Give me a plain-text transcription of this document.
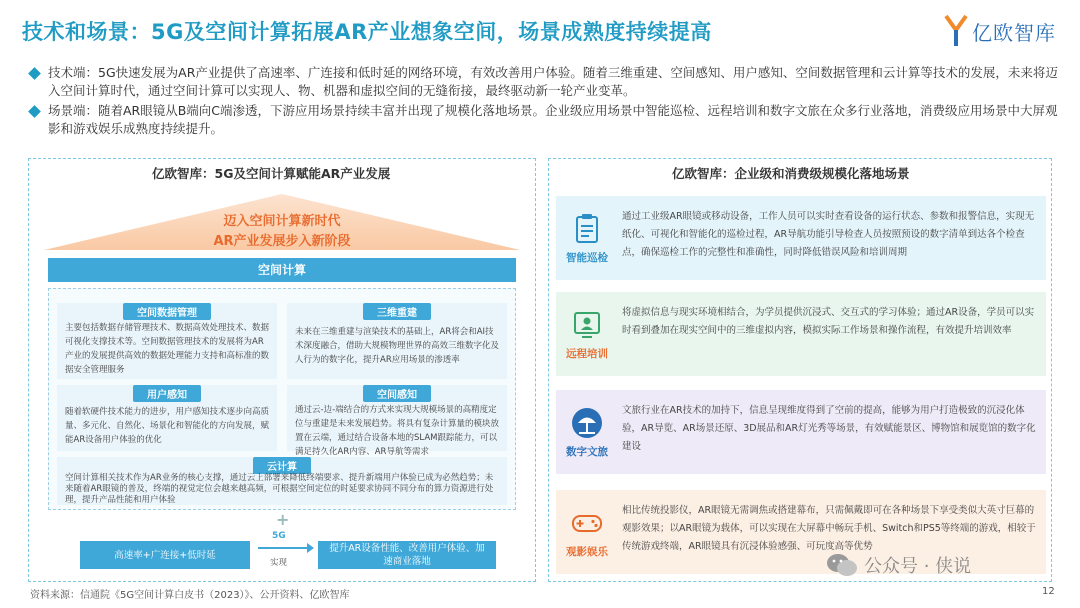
技术和场景：5G及空间计算拓展AR产业想象空间，场景成熟度持续提高	亿欧智库
技术端：5G快速发展为AR产业提供了高速率、广连接和低时延的网络环境，有效改善用户体验。随着三维重建、空间感知、用户感知、空间数据管理和云计算等技术的发展，未来将迈入空间计算时代，通过空间计算可以实现人、物、机器和虚拟空间的无缝衔接，最终驱动新一轮产业变革。
场景端：随着AR眼镜从B端向C端渗透，下游应用场景持续丰富并出现了规模化落地场景。企业级应用场景中智能巡检、远程培训和数字文旅在众多行业落地，消费级应用场景中大屏观影和游戏娱乐成熟度持续提升。
亿欧智库：5G及空间计算赋能AR产业发展
迈入空间计算新时代
AR产业发展步入新阶段
空间计算
空间数据管理
主要包括数据存储管理技术、数据高效处理技术、数据可视化支撑技术等。空间数据管理技术的发展将为AR产业的发展提供高效的数据处理能力支持和高标准的数据安全管理服务
三维重建
未来在三维重建与渲染技术的基础上，AR将会和AI技术深度融合，借助大规模物理世界的高效三维数字化及人行为的数字化，提升AR应用场景的渗透率
用户感知
随着软硬件技术能力的进步，用户感知技术逐步向高质量、多元化、自然化、场景化和智能化的方向发展，赋能AR设备用户体验的优化
空间感知
通过云-边-端结合的方式来实现大规模场景的高精度定位与重建是未来发展趋势。将具有复杂计算量的模块放置在云端，通过结合设备本地的SLAM跟踪能力，可以满足持久化AR内容、AR导航等需求
云计算
空间计算相关技术作为AR业务的核心支撑，通过云上部署来降低终端要求、提升新端用户体验已成为必然趋势；未来随着AR眼镜的普及，终端的视觉定位会越来越高频，可根据空间定位的时延要求协同不同分布的算力资源进行处理，提升产品性能和用户体验
+
高速率+广连接+低时延
5G
实现
提升AR设备性能、改善用户体验、加速商业落地
亿欧智库：企业级和消费级规模化落地场景
智能巡检
通过工业级AR眼镜或移动设备，工作人员可以实时查看设备的运行状态、参数和报警信息，实现无纸化、可视化和智能化的巡检过程，AR导航功能引导检查人员按照预设的数字清单到达各个检查点，确保巡检工作的完整性和准确性，同时降低错误风险和培训周期
远程培训
将虚拟信息与现实环境相结合，为学员提供沉浸式、交互式的学习体验；通过AR设备，学员可以实时看到叠加在现实空间中的三维虚拟内容，模拟实际工作场景和操作流程，有效提升培训效率
数字文旅
文旅行业在AR技术的加持下，信息呈现维度得到了空前的提高，能够为用户打造极致的沉浸化体验，AR导览、AR场景还原、3D展品和AR灯光秀等场景，有效赋能景区、博物馆和展览馆的数字化建设
观影娱乐
相比传统投影仪，AR眼镜无需调焦或搭建幕布，只需佩戴即可在各种场景下享受类似大英寸巨幕的观影效果；以AR眼镜为载体，可以实现在大屏幕中畅玩手机、Switch和PS5等终端的游戏，相较于传统游戏终端，AR眼镜具有沉浸体验感强、可玩度高等优势
资料来源：信通院《5G空间计算白皮书（2023）》、公开资料、亿欧智库
公众号 · 侠说
12
